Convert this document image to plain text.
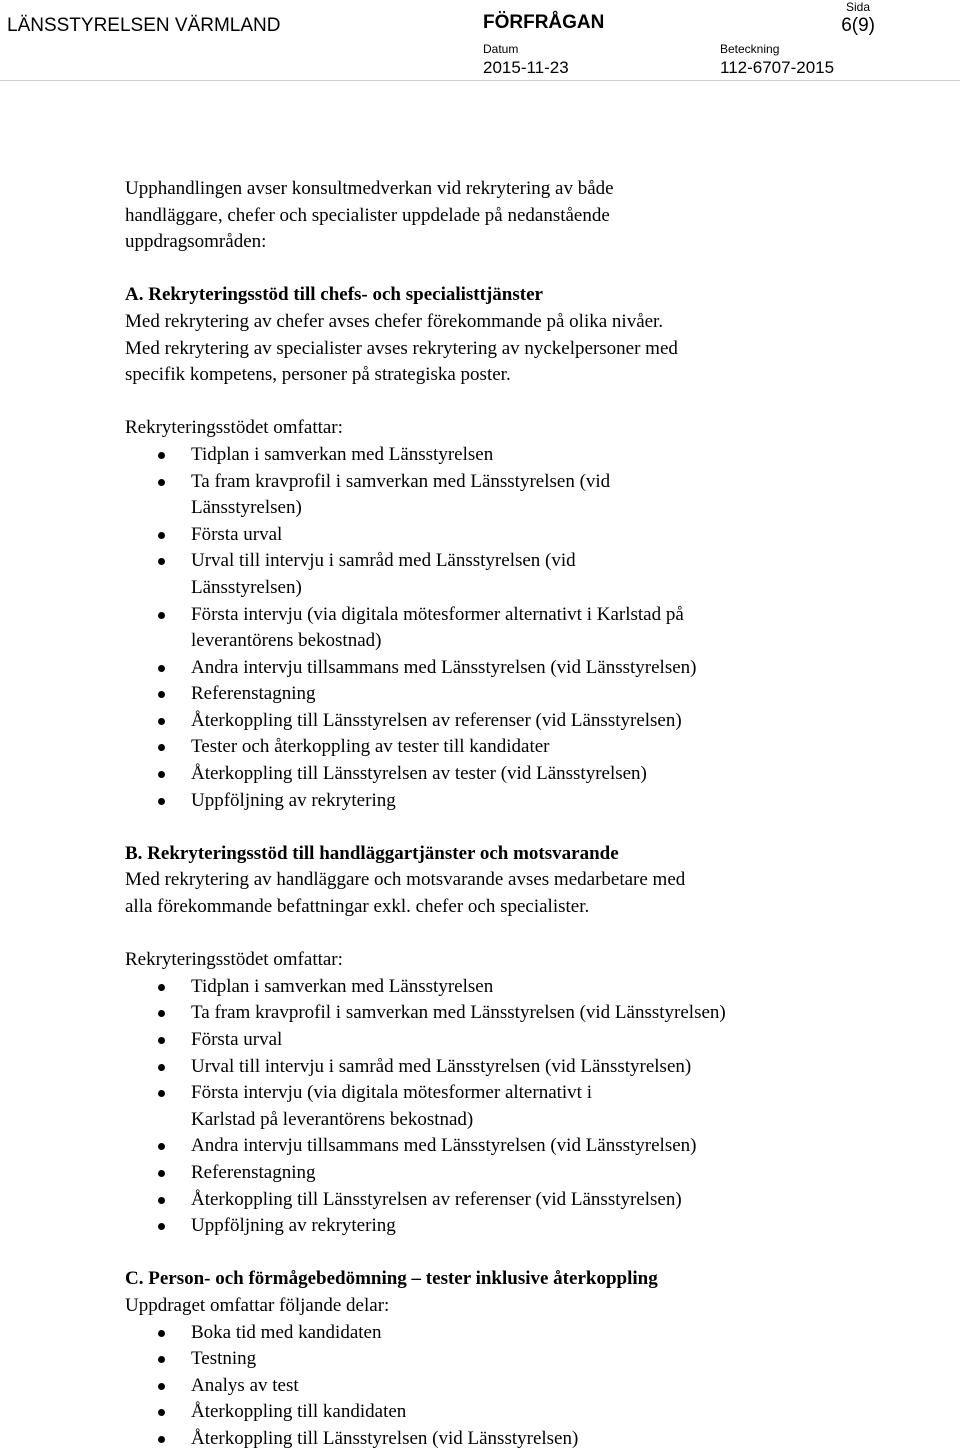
LÄNSSTYRELSEN VÄRMLAND	FÖRFRÅGAN
Sida
6(9)
Datum
2015-11-23
Beteckning
112-6707-2015
Upphandlingen avser konsultmedverkan vid rekrytering av både
handläggare, chefer och specialister uppdelade på nedanstående
uppdragsområden:
A. Rekryteringsstöd till chefs- och specialisttjänster
Med rekrytering av chefer avses chefer förekommande på olika nivåer.
Med rekrytering av specialister avses rekrytering av nyckelpersoner med
specifik kompetens, personer på strategiska poster.
Rekryteringsstödet omfattar:
Tidplan i samverkan med Länsstyrelsen
Ta fram kravprofil i samverkan med Länsstyrelsen (vid
Länsstyrelsen)
Första urval
Urval till intervju i samråd med Länsstyrelsen (vid
Länsstyrelsen)
Första intervju (via digitala mötesformer alternativt i Karlstad på
leverantörens bekostnad)
Andra intervju tillsammans med Länsstyrelsen (vid Länsstyrelsen)
Referenstagning
Återkoppling till Länsstyrelsen av referenser (vid Länsstyrelsen)
Tester och återkoppling av tester till kandidater
Återkoppling till Länsstyrelsen av tester (vid Länsstyrelsen)
Uppföljning av rekrytering
B. Rekryteringsstöd till handläggartjänster och motsvarande
Med rekrytering av handläggare och motsvarande avses medarbetare med
alla förekommande befattningar exkl. chefer och specialister.
Rekryteringsstödet omfattar:
Tidplan i samverkan med Länsstyrelsen
Ta fram kravprofil i samverkan med Länsstyrelsen (vid Länsstyrelsen)
Första urval
Urval till intervju i samråd med Länsstyrelsen (vid Länsstyrelsen)
Första intervju (via digitala mötesformer alternativt i
Karlstad på leverantörens bekostnad)
Andra intervju tillsammans med Länsstyrelsen (vid Länsstyrelsen)
Referenstagning
Återkoppling till Länsstyrelsen av referenser (vid Länsstyrelsen)
Uppföljning av rekrytering
C. Person- och förmågebedömning – tester inklusive återkoppling
Uppdraget omfattar följande delar:
Boka tid med kandidaten
Testning
Analys av test
Återkoppling till kandidaten
Återkoppling till Länsstyrelsen (vid Länsstyrelsen)
